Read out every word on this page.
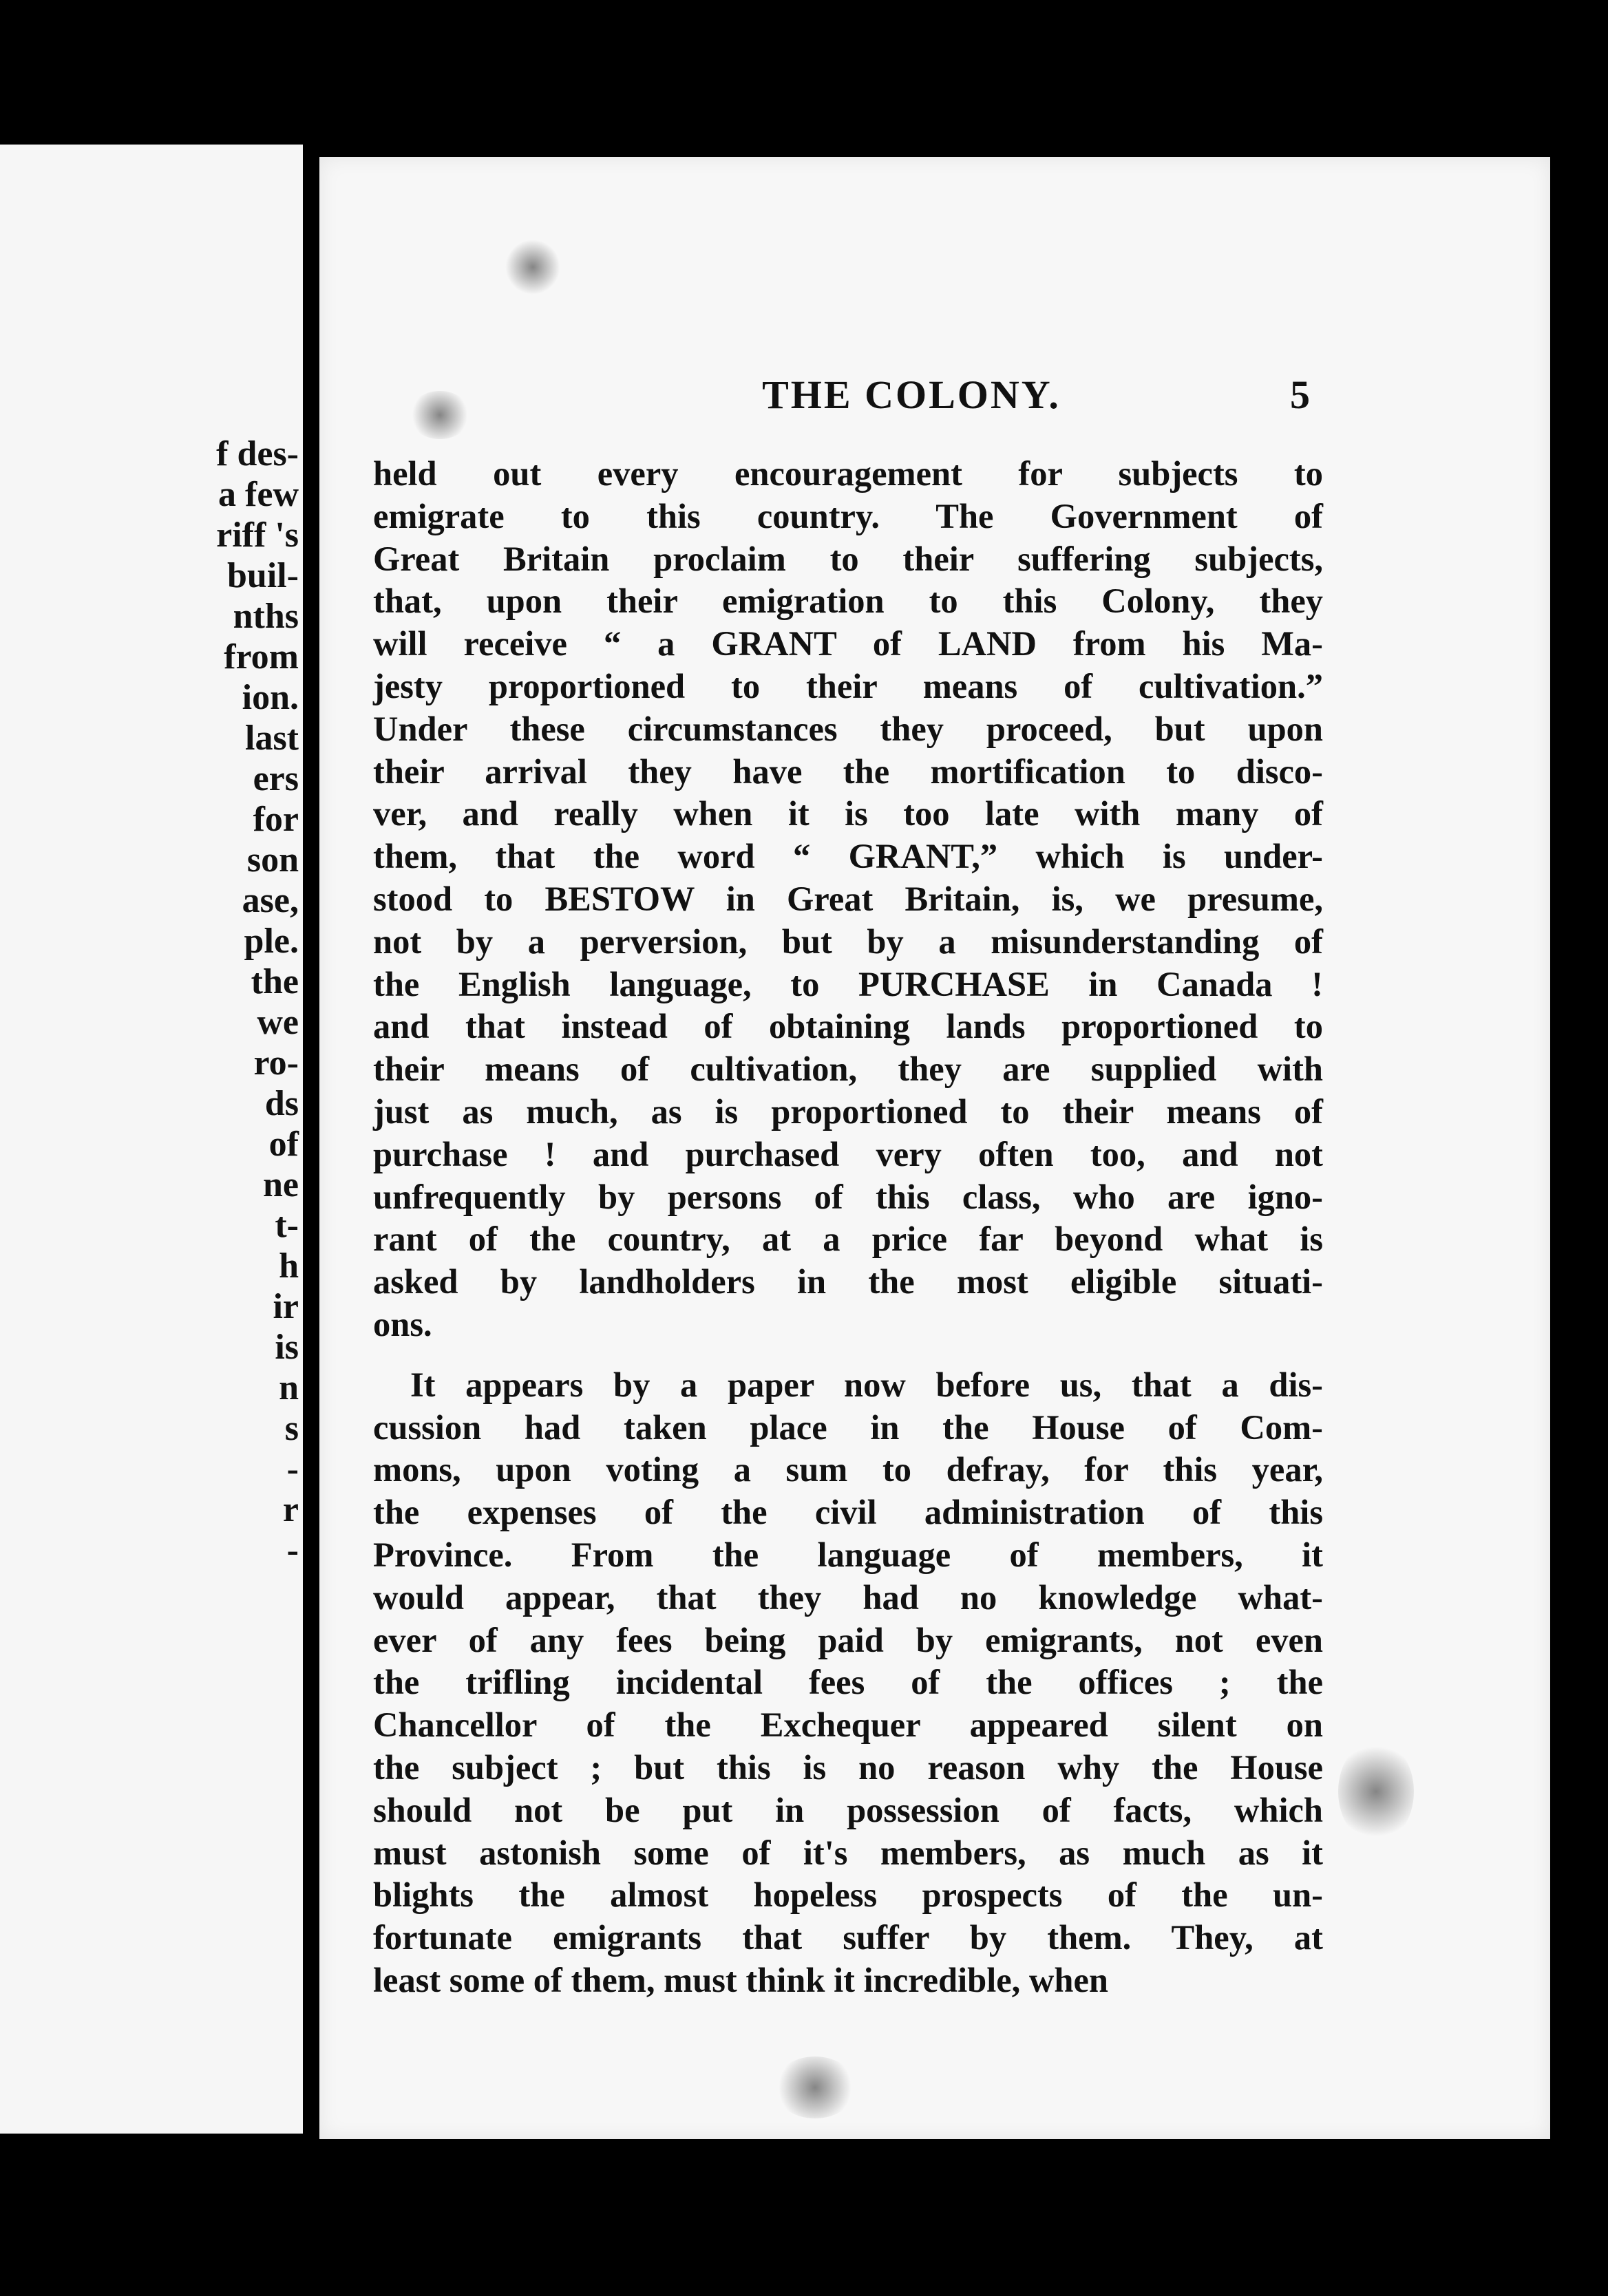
f des-
a few
riff 's
buil-
nths
from
ion.
last
ers
for
son
ase,
ple.
the
we
ro-
ds
of
ne
t-
h
ir
is
n
s
-
r
-
THE COLONY.	5
held out every encouragement for subjects to
emigrate to this country. The Government of
Great Britain proclaim to their suffering subjects,
that, upon their emigration to this Colony, they
will receive “ a GRANT of LAND from his Ma-
jesty proportioned to their means of cultivation.”
Under these circumstances they proceed, but upon
their arrival they have the mortification to disco-
ver, and really when it is too late with many of
them, that the word “ GRANT,” which is under-
stood to BESTOW in Great Britain, is, we presume,
not by a perversion, but by a misunderstanding of
the English language, to PURCHASE in Canada !
and that instead of obtaining lands proportioned to
their means of cultivation, they are supplied with
just as much, as is proportioned to their means of
purchase ! and purchased very often too, and not
unfrequently by persons of this class, who are igno-
rant of the country, at a price far beyond what is
asked by landholders in the most eligible situati-
ons.
It appears by a paper now before us, that a dis-
cussion had taken place in the House of Com-
mons, upon voting a sum to defray, for this year,
the expenses of the civil administration of this
Province. From the language of members, it
would appear, that they had no knowledge what-
ever of any fees being paid by emigrants, not even
the trifling incidental fees of the offices ; the
Chancellor of the Exchequer appeared silent on
the subject ; but this is no reason why the House
should not be put in possession of facts, which
must astonish some of it's members, as much as it
blights the almost hopeless prospects of the un-
fortunate emigrants that suffer by them. They, at
least some of them, must think it incredible, when
